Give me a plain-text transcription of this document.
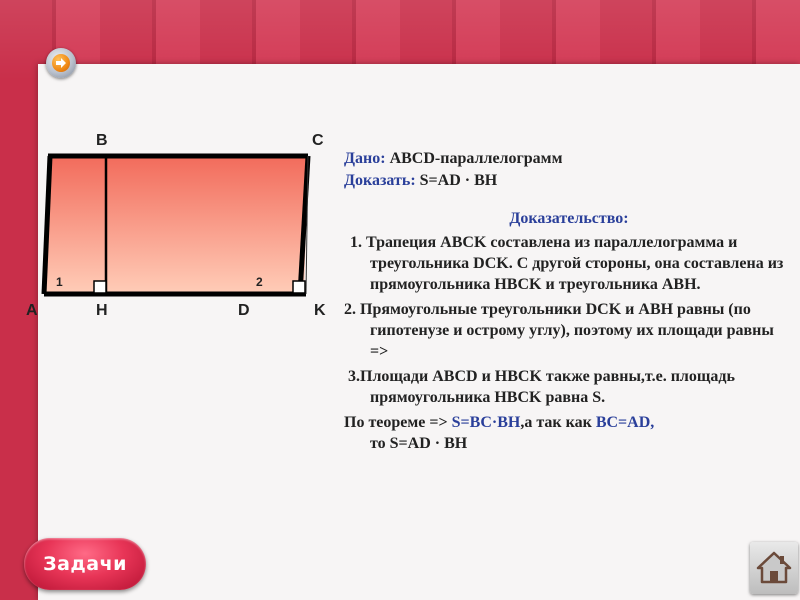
B	C
A	H	D	K
1	2

Дано: ABCD-параллелограмм

Доказать: S=AD · BH

Доказательство:

1. Трапеция ABCK составлена из параллелограмма и треугольника DCK. С другой стороны, она составлена из прямоугольника HBCK и треугольника ABH.

2. Прямоугольные треугольники DCK и ABH равны (по гипотенузе и острому углу), поэтому их площади равны =>

3.Площади ABCD и HBCK также равны,т.е. площадь прямоугольника HBCK равна S.

По теореме => S=BC·BH,а так как BC=AD,
то S=AD · BH

Задачи
